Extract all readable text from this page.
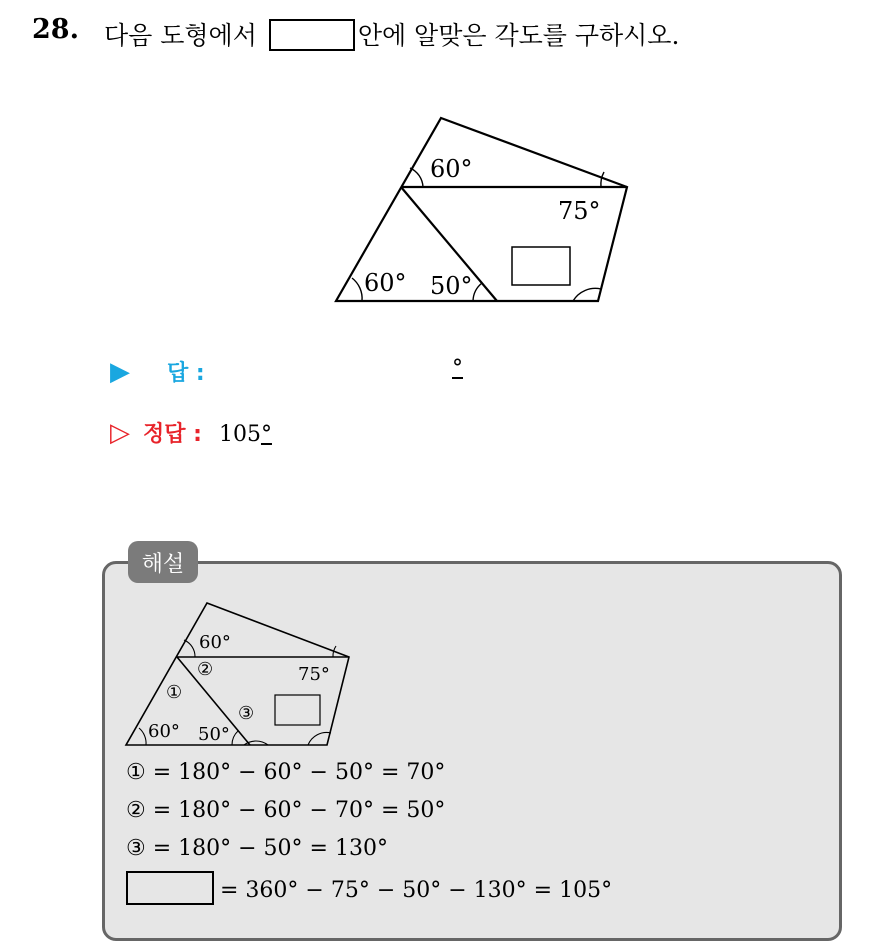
28. 다음 도형에서	안에 알맞은 각도를 구하시오.
60°
75°
60° 50°
▶ 답 :	°
▷ 정답 : 105°
해설
60°
75°
60° 50°
①
②
③
① = 180° − 60° − 50° = 70°
② = 180° − 60° − 70° = 50°
③ = 180° − 50° = 130°
= 360° − 75° − 50° − 130° = 105°
